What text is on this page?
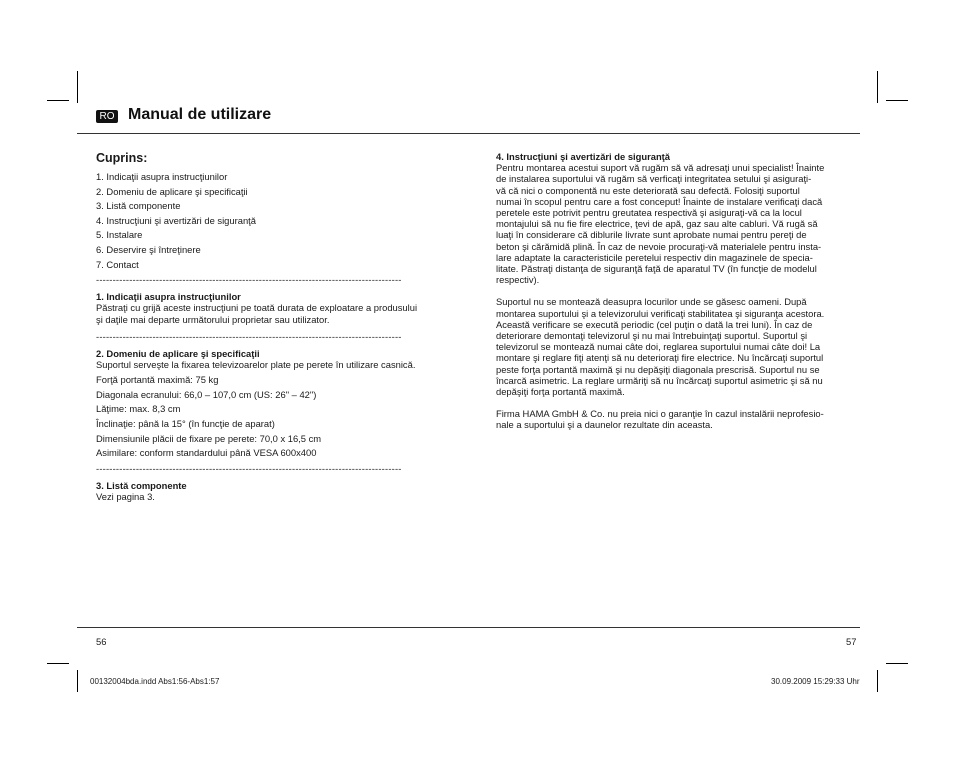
RO Manual de utilizare

Cuprins:

1. Indicaţii asupra instrucţiunilor

2. Domeniu de aplicare şi specificaţii

3. Listă componente

4. Instrucţiuni şi avertizări de siguranţă

5. Instalare

6. Deservire şi întreţinere

7. Contact

--------------------------------------------------------------------------------------------

1. Indicaţii asupra instrucţiunilor

Păstraţi cu grijă aceste instrucţiuni pe toată durata de exploatare a produsului

şi daţile mai departe următorului proprietar sau utilizator.

--------------------------------------------------------------------------------------------

2. Domeniu de aplicare şi specificaţii

Suportul serveşte la fixarea televizoarelor plate pe perete în utilizare casnică.

Forţă portantă maximă: 75 kg

Diagonala ecranului: 66,0 – 107,0 cm (US: 26" – 42")

Lăţime: max. 8,3 cm

Înclinaţie: până la 15° (în funcţie de aparat)

Dimensiunile plăcii de fixare pe perete: 70,0 x 16,5 cm

Asimilare: conform standardului până VESA 600x400

--------------------------------------------------------------------------------------------

3. Listă componente

Vezi pagina 3.

4. Instrucţiuni şi avertizări de siguranţă

Pentru montarea acestui suport vă rugăm să vă adresaţi unui specialist! Înainte

de instalarea suportului vă rugăm să verficaţi integritatea setului şi asiguraţi-

vă că nici o componentă nu este deteriorată sau defectă. Folosiţi suportul

numai în scopul pentru care a fost conceput! Înainte de instalare verificaţi dacă

peretele este potrivit pentru greutatea respectivă şi asiguraţi-vă ca la locul

montajului să nu fie fire electrice, ţevi de apă, gaz sau alte cabluri. Vă rugă să

luaţi în considerare că diblurile livrate sunt aprobate numai pentru pereţi de

beton şi cărămidă plină. În caz de nevoie procuraţi-vă materialele pentru insta-

lare adaptate la caracteristicile peretelui respectiv din magazinele de specia-

litate. Păstraţi distanţa de siguranţă faţă de aparatul TV (în funcţie de modelul

respectiv).

Suportul nu se montează deasupra locurilor unde se găsesc oameni. După

montarea suportului şi a televizorului verificaţi stabilitatea şi siguranţa acestora.

Această verificare se execută periodic (cel puţin o dată la trei luni). În caz de

deteriorare demontaţi televizorul şi nu mai întrebuinţaţi suportul. Suportul şi

televizorul se montează numai câte doi, reglarea suportului numai câte doi! La

montare şi reglare fiţi atenţi să nu deterioraţi fire electrice. Nu încărcaţi suportul

peste forţa portantă maximă şi nu depăşiţi diagonala prescrisă. Suportul nu se

încarcă asimetric. La reglare urmăriţi să nu încărcaţi suportul asimetric şi să nu

depăşiţi forţa portantă maximă.

Firma HAMA GmbH & Co. nu preia nici o garanţie în cazul instalării neprofesio-

nale a suportului şi a daunelor rezultate din aceasta.

56	57
00132004bda.indd Abs1:56-Abs1:57	30.09.2009 15:29:33 Uhr
